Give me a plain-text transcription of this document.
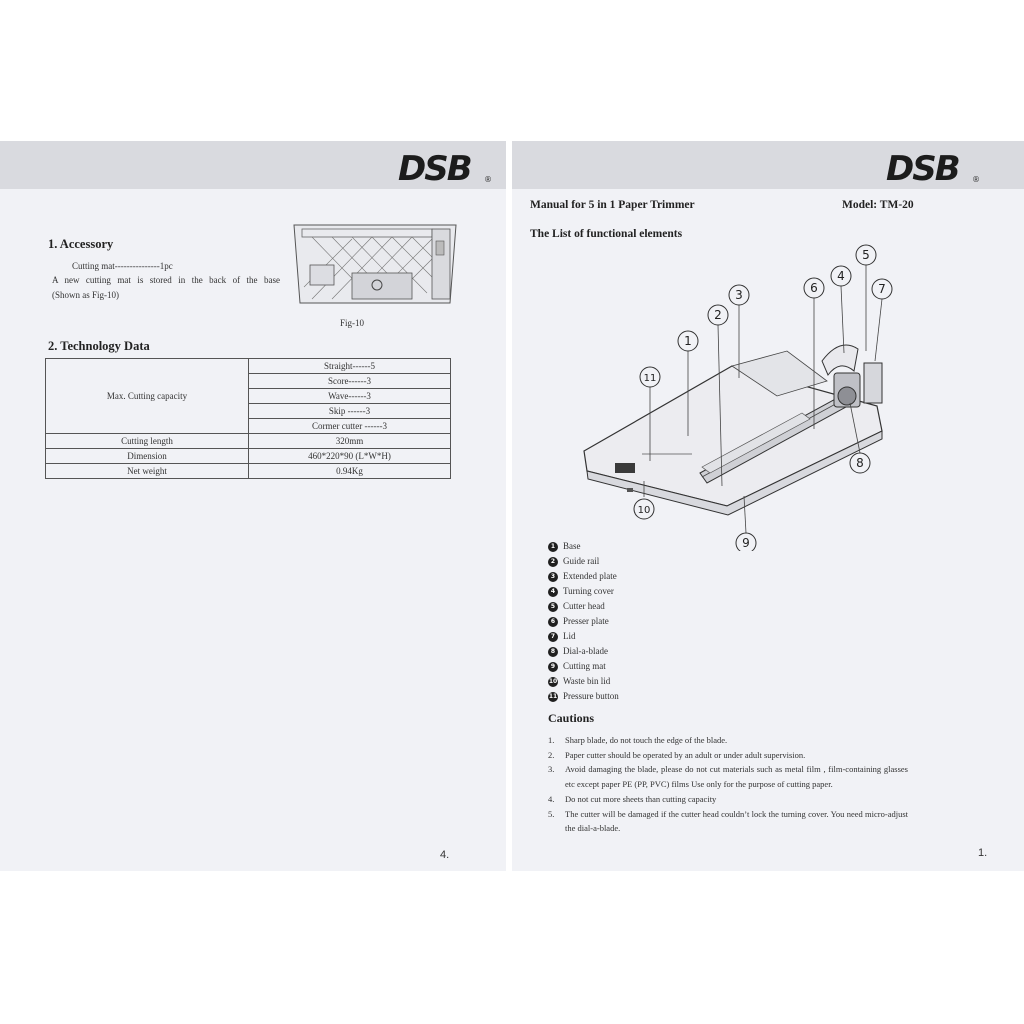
DSB ®
1. Accessory
Cutting mat---------------1pc
A new cutting mat is stored in the back of the base
(Shown as Fig-10)
Fig-10
2. Technology Data
Max. Cutting capacity	Straight------5
	Score------3
	Wave------3
	Skip ------3
	Cormer cutter ------3
Cutting length	320mm
Dimension	460*220*90 (L*W*H)
Net weight	0.94Kg
4.
DSB ®
Manual for 5 in 1 Paper Trimmer	Model: TM-20
The List of functional elements
1
2
3
4
5
6	7
8
9
10
11
1 Base
2 Guide rail
3 Extended plate
4 Turning cover
5 Cutter head
6 Presser plate
7 Lid
8 Dial-a-blade
9 Cutting mat
10 Waste bin lid
11 Pressure button
Cautions
1. Sharp blade, do not touch the edge of the blade.
2. Paper cutter should be operated by an adult or under adult supervision.
3. Avoid damaging the blade, please do not cut materials such as metal film , film-containing glasses etc except paper PE (PP, PVC) films Use only for the purpose of cutting paper.
4. Do not cut more sheets than cutting capacity
5. The cutter will be damaged if the cutter head couldn’t lock the turning cover. You need micro-adjust the dial-a-blade.
1.
